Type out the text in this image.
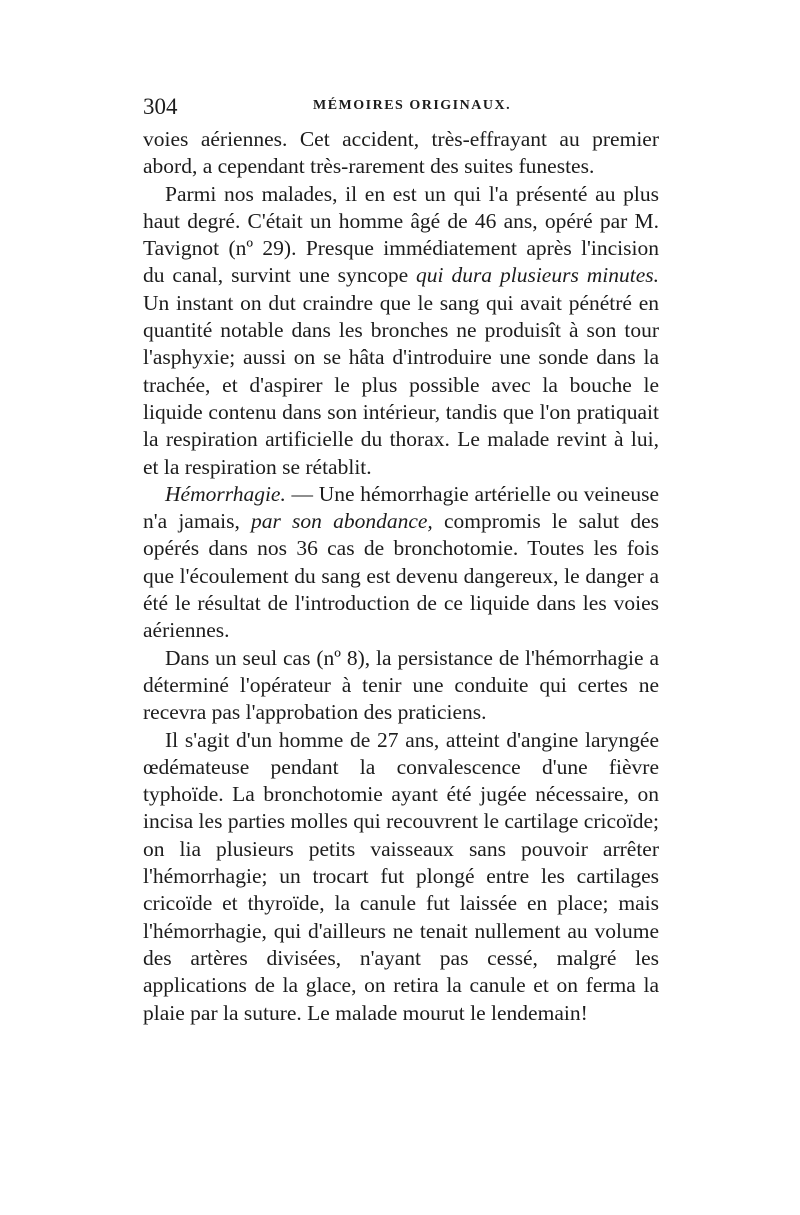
304	MÉMOIRES ORIGINAUX.

voies aériennes. Cet accident, très-effrayant au premier abord, a cependant très-rarement des suites funestes.

Parmi nos malades, il en est un qui l'a présenté au plus haut degré. C'était un homme âgé de 46 ans, opéré par M. Tavignot (nº 29). Presque immédiatement après l'incision du canal, survint une syncope qui dura plusieurs minutes. Un instant on dut craindre que le sang qui avait pénétré en quantité notable dans les bronches ne produisît à son tour l'asphyxie; aussi on se hâta d'introduire une sonde dans la trachée, et d'aspirer le plus possible avec la bouche le liquide contenu dans son intérieur, tandis que l'on pratiquait la respiration artificielle du thorax. Le malade revint à lui, et la respiration se rétablit.

Hémorrhagie. — Une hémorrhagie artérielle ou veineuse n'a jamais, par son abondance, compromis le salut des opérés dans nos 36 cas de bronchotomie. Toutes les fois que l'écoulement du sang est devenu dangereux, le danger a été le résultat de l'introduction de ce liquide dans les voies aériennes.

Dans un seul cas (nº 8), la persistance de l'hémorrhagie a déterminé l'opérateur à tenir une conduite qui certes ne recevra pas l'approbation des praticiens.

Il s'agit d'un homme de 27 ans, atteint d'angine laryngée œdémateuse pendant la convalescence d'une fièvre typhoïde. La bronchotomie ayant été jugée nécessaire, on incisa les parties molles qui recouvrent le cartilage cricoïde; on lia plusieurs petits vaisseaux sans pouvoir arrêter l'hémorrhagie; un trocart fut plongé entre les cartilages cricoïde et thyroïde, la canule fut laissée en place; mais l'hémorrhagie, qui d'ailleurs ne tenait nullement au volume des artères divisées, n'ayant pas cessé, malgré les applications de la glace, on retira la canule et on ferma la plaie par la suture. Le malade mourut le lendemain!
